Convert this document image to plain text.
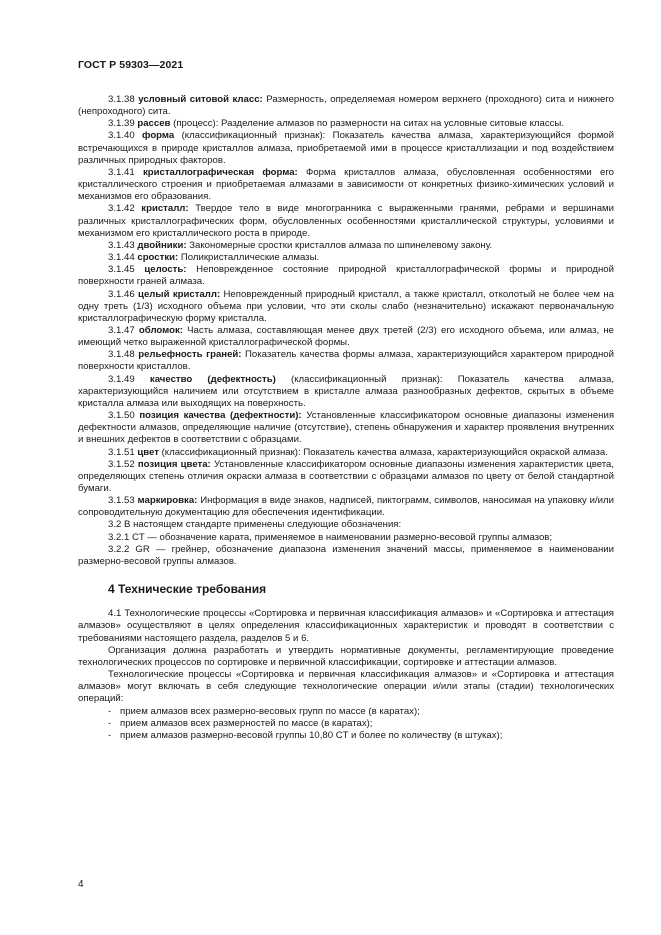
ГОСТ Р 59303—2021

3.1.38 условный ситовой класс: Размерность, определяемая номером верхнего (проходного) сита и нижнего (непроходного) сита.

3.1.39 рассев (процесс): Разделение алмазов по размерности на ситах на условные ситовые классы.

3.1.40 форма (классификационный признак): Показатель качества алмаза, характеризующийся формой встречающихся в природе кристаллов алмаза, приобретаемой ими в процессе кристаллизации и под воздействием различных природных факторов.

3.1.41 кристаллографическая форма: Форма кристаллов алмаза, обусловленная особенностями его кристаллического строения и приобретаемая алмазами в зависимости от конкретных физико-химических условий и механизмов его образования.

3.1.42 кристалл: Твердое тело в виде многогранника с выраженными гранями, ребрами и вершинами различных кристаллографических форм, обусловленных особенностями кристаллической структуры, условиями и механизмом его кристаллического роста в природе.

3.1.43 двойники: Закономерные сростки кристаллов алмаза по шпинелевому закону.

3.1.44 сростки: Поликристаллические алмазы.

3.1.45 целость: Неповрежденное состояние природной кристаллографической формы и природной поверхности граней алмаза.

3.1.46 целый кристалл: Неповрежденный природный кристалл, а также кристалл, отколотый не более чем на одну треть (1/3) исходного объема при условии, что эти сколы слабо (незначительно) искажают первоначальную кристаллографическую форму кристалла.

3.1.47 обломок: Часть алмаза, составляющая менее двух третей (2/3) его исходного объема, или алмаз, не имеющий четко выраженной кристаллографической формы.

3.1.48 рельефность граней: Показатель качества формы алмаза, характеризующийся характером природной поверхности кристаллов.

3.1.49 качество (дефектность) (классификационный признак): Показатель качества алмаза, характеризующийся наличием или отсутствием в кристалле алмаза разнообразных дефектов, скрытых в объеме кристалла алмаза или выходящих на поверхность.

3.1.50 позиция качества (дефектности): Установленные классификатором основные диапазоны изменения дефектности алмазов, определяющие наличие (отсутствие), степень обнаружения и характер проявления внутренних и внешних дефектов в соответствии с образцами.

3.1.51 цвет (классификационный признак): Показатель качества алмаза, характеризующийся окраской алмаза.

3.1.52 позиция цвета: Установленные классификатором основные диапазоны изменения характеристик цвета, определяющих степень отличия окраски алмаза в соответствии с образцами алмазов по цвету от белой стандартной бумаги.

3.1.53 маркировка: Информация в виде знаков, надписей, пиктограмм, символов, наносимая на упаковку и/или сопроводительную документацию для обеспечения идентификации.

3.2 В настоящем стандарте применены следующие обозначения:

3.2.1 CT — обозначение карата, применяемое в наименовании размерно-весовой группы алмазов;

3.2.2 GR — грейнер, обозначение диапазона изменения значений массы, применяемое в наименовании размерно-весовой группы алмазов.

4 Технические требования

4.1 Технологические процессы «Сортировка и первичная классификация алмазов» и «Сортировка и аттестация алмазов» осуществляют в целях определения классификационных характеристик и проводят в соответствии с требованиями настоящего раздела, разделов 5 и 6.

Организация должна разработать и утвердить нормативные документы, регламентирующие проведение технологических процессов по сортировке и первичной классификации, сортировке и аттестации алмазов.

Технологические процессы «Сортировка и первичная классификация алмазов» и «Сортировка и аттестация алмазов» могут включать в себя следующие технологические операции и/или этапы (стадии) технологических операций:

- прием алмазов всех размерно-весовых групп по массе (в каратах);
- прием алмазов всех размерностей по массе (в каратах);
- прием алмазов размерно-весовой группы 10,80 CT и более по количеству (в штуках);
4
